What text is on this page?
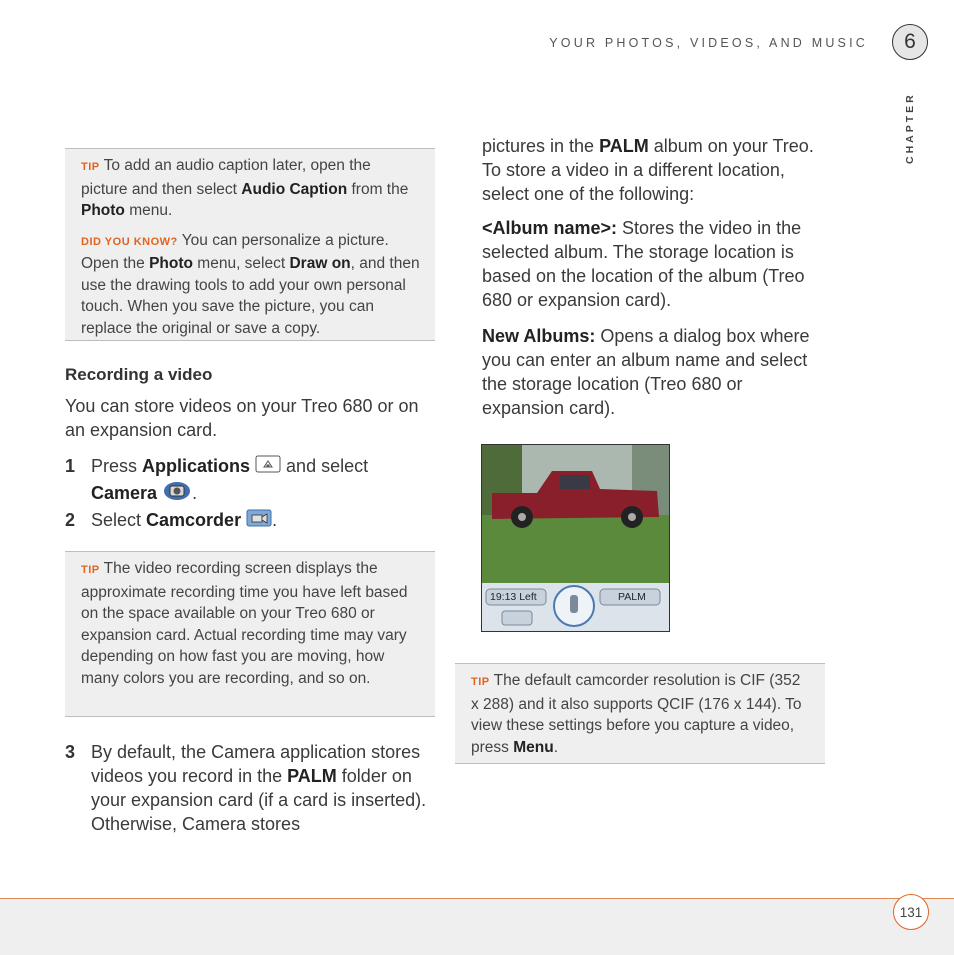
YOUR PHOTOS, VIDEOS, AND MUSIC	6
CHAPTER

TIP To add an audio caption later, open the picture and then select Audio Caption from the Photo menu.

DID YOU KNOW? You can personalize a picture. Open the Photo menu, select Draw on, and then use the drawing tools to add your own personal touch. When you save the picture, you can replace the original or save a copy.

Recording a video

You can store videos on your Treo 680 or on an expansion card.

1 Press Applications  and select
Camera .
2 Select Camcorder .

TIP The video recording screen displays the approximate recording time you have left based on the space available on your Treo 680 or expansion card. Actual recording time may vary depending on how fast you are moving, how many colors you are recording, and so on.

3 By default, the Camera application stores videos you record in the PALM folder on your expansion card (if a card is inserted). Otherwise, Camera stores

pictures in the PALM album on your Treo. To store a video in a different location, select one of the following:

<Album name>: Stores the video in the selected album. The storage location is based on the location of the album (Treo 680 or expansion card).

New Albums: Opens a dialog box where you can enter an album name and select the storage location (Treo 680 or expansion card).

19:13 Left	PALM

TIP The default camcorder resolution is CIF (352 x 288) and it also supports QCIF (176 x 144). To view these settings before you capture a video, press Menu.

131
